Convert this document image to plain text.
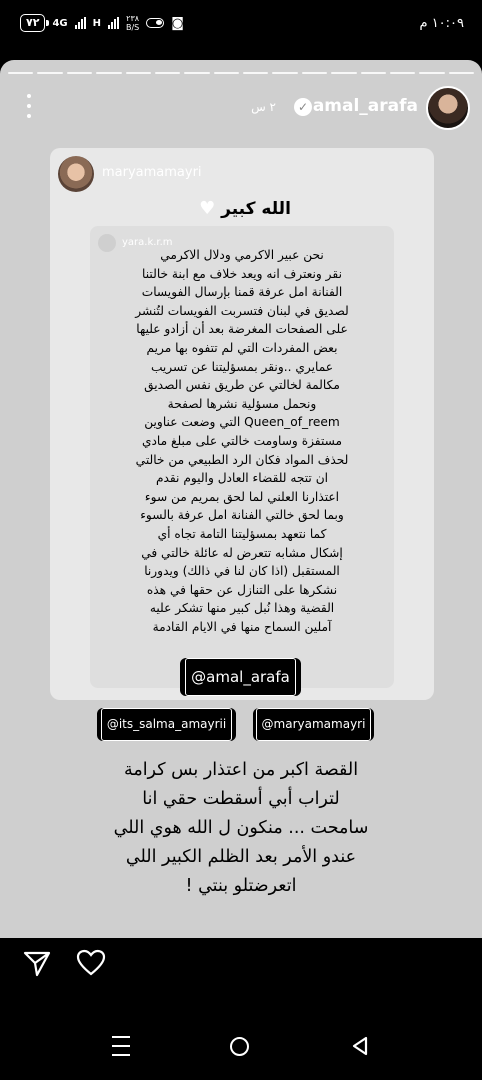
٧٢	4G	H	٢٣٨
B/S ◙	١٠:٠٩ م
amal_arafa
✓
٢ س
maryamamayri
الله كبير ♥
yara.k.r.m
نحن عبير الاكرمي ودلال الاكرمي
نقر ونعترف انه ويعد خلاف مع ابنة خالتنا
الفنانة امل عرفة قمنا بإرسال الفويسات
لصديق في لبنان فتسربت الفويسات لتُنشر
على الصفحات المغرضة بعد أن أزادو عليها
بعض المفردات التي لم تتفوه بها مريم
عمايري ..ونقر بمسؤليتنا عن تسريب
مكالمة لخالتي عن طريق نفس الصديق
ونحمل مسؤلية نشرها لصفحة
Queen_of_reem التي وضعت عناوين
مستفزة وساومت خالتي على مبلغ مادي
لحذف المواد فكان الرد الطبيعي من خالتي
ان تتجه للقضاء العادل واليوم نقدم
اعتذارنا العلني لما لحق بمريم من سوء
وبما لحق خالتي الفنانة امل عرفة بالسوء
كما نتعهد بمسؤليتنا التامة تجاه أي
إشكال مشابه تتعرض له عائلة خالتي في
المستقبل (اذا كان لنا في ذالك) ويدورنا
نشكرها على التنازل عن حقها في هذه
القضية وهذا نُبل كبير منها تشكر عليه
آملين السماح منها في الايام القادمة
@amal_arafa
@its_salma_amayrii	@maryamamayri
القصة اكبر من اعتذار بس كرامة
لتراب أبي أسقطت حقي انا
سامحت ... منكون ل الله هوي اللي
عندو الأمر بعد الظلم الكبير اللي
اتعرضتلو بنتي !
